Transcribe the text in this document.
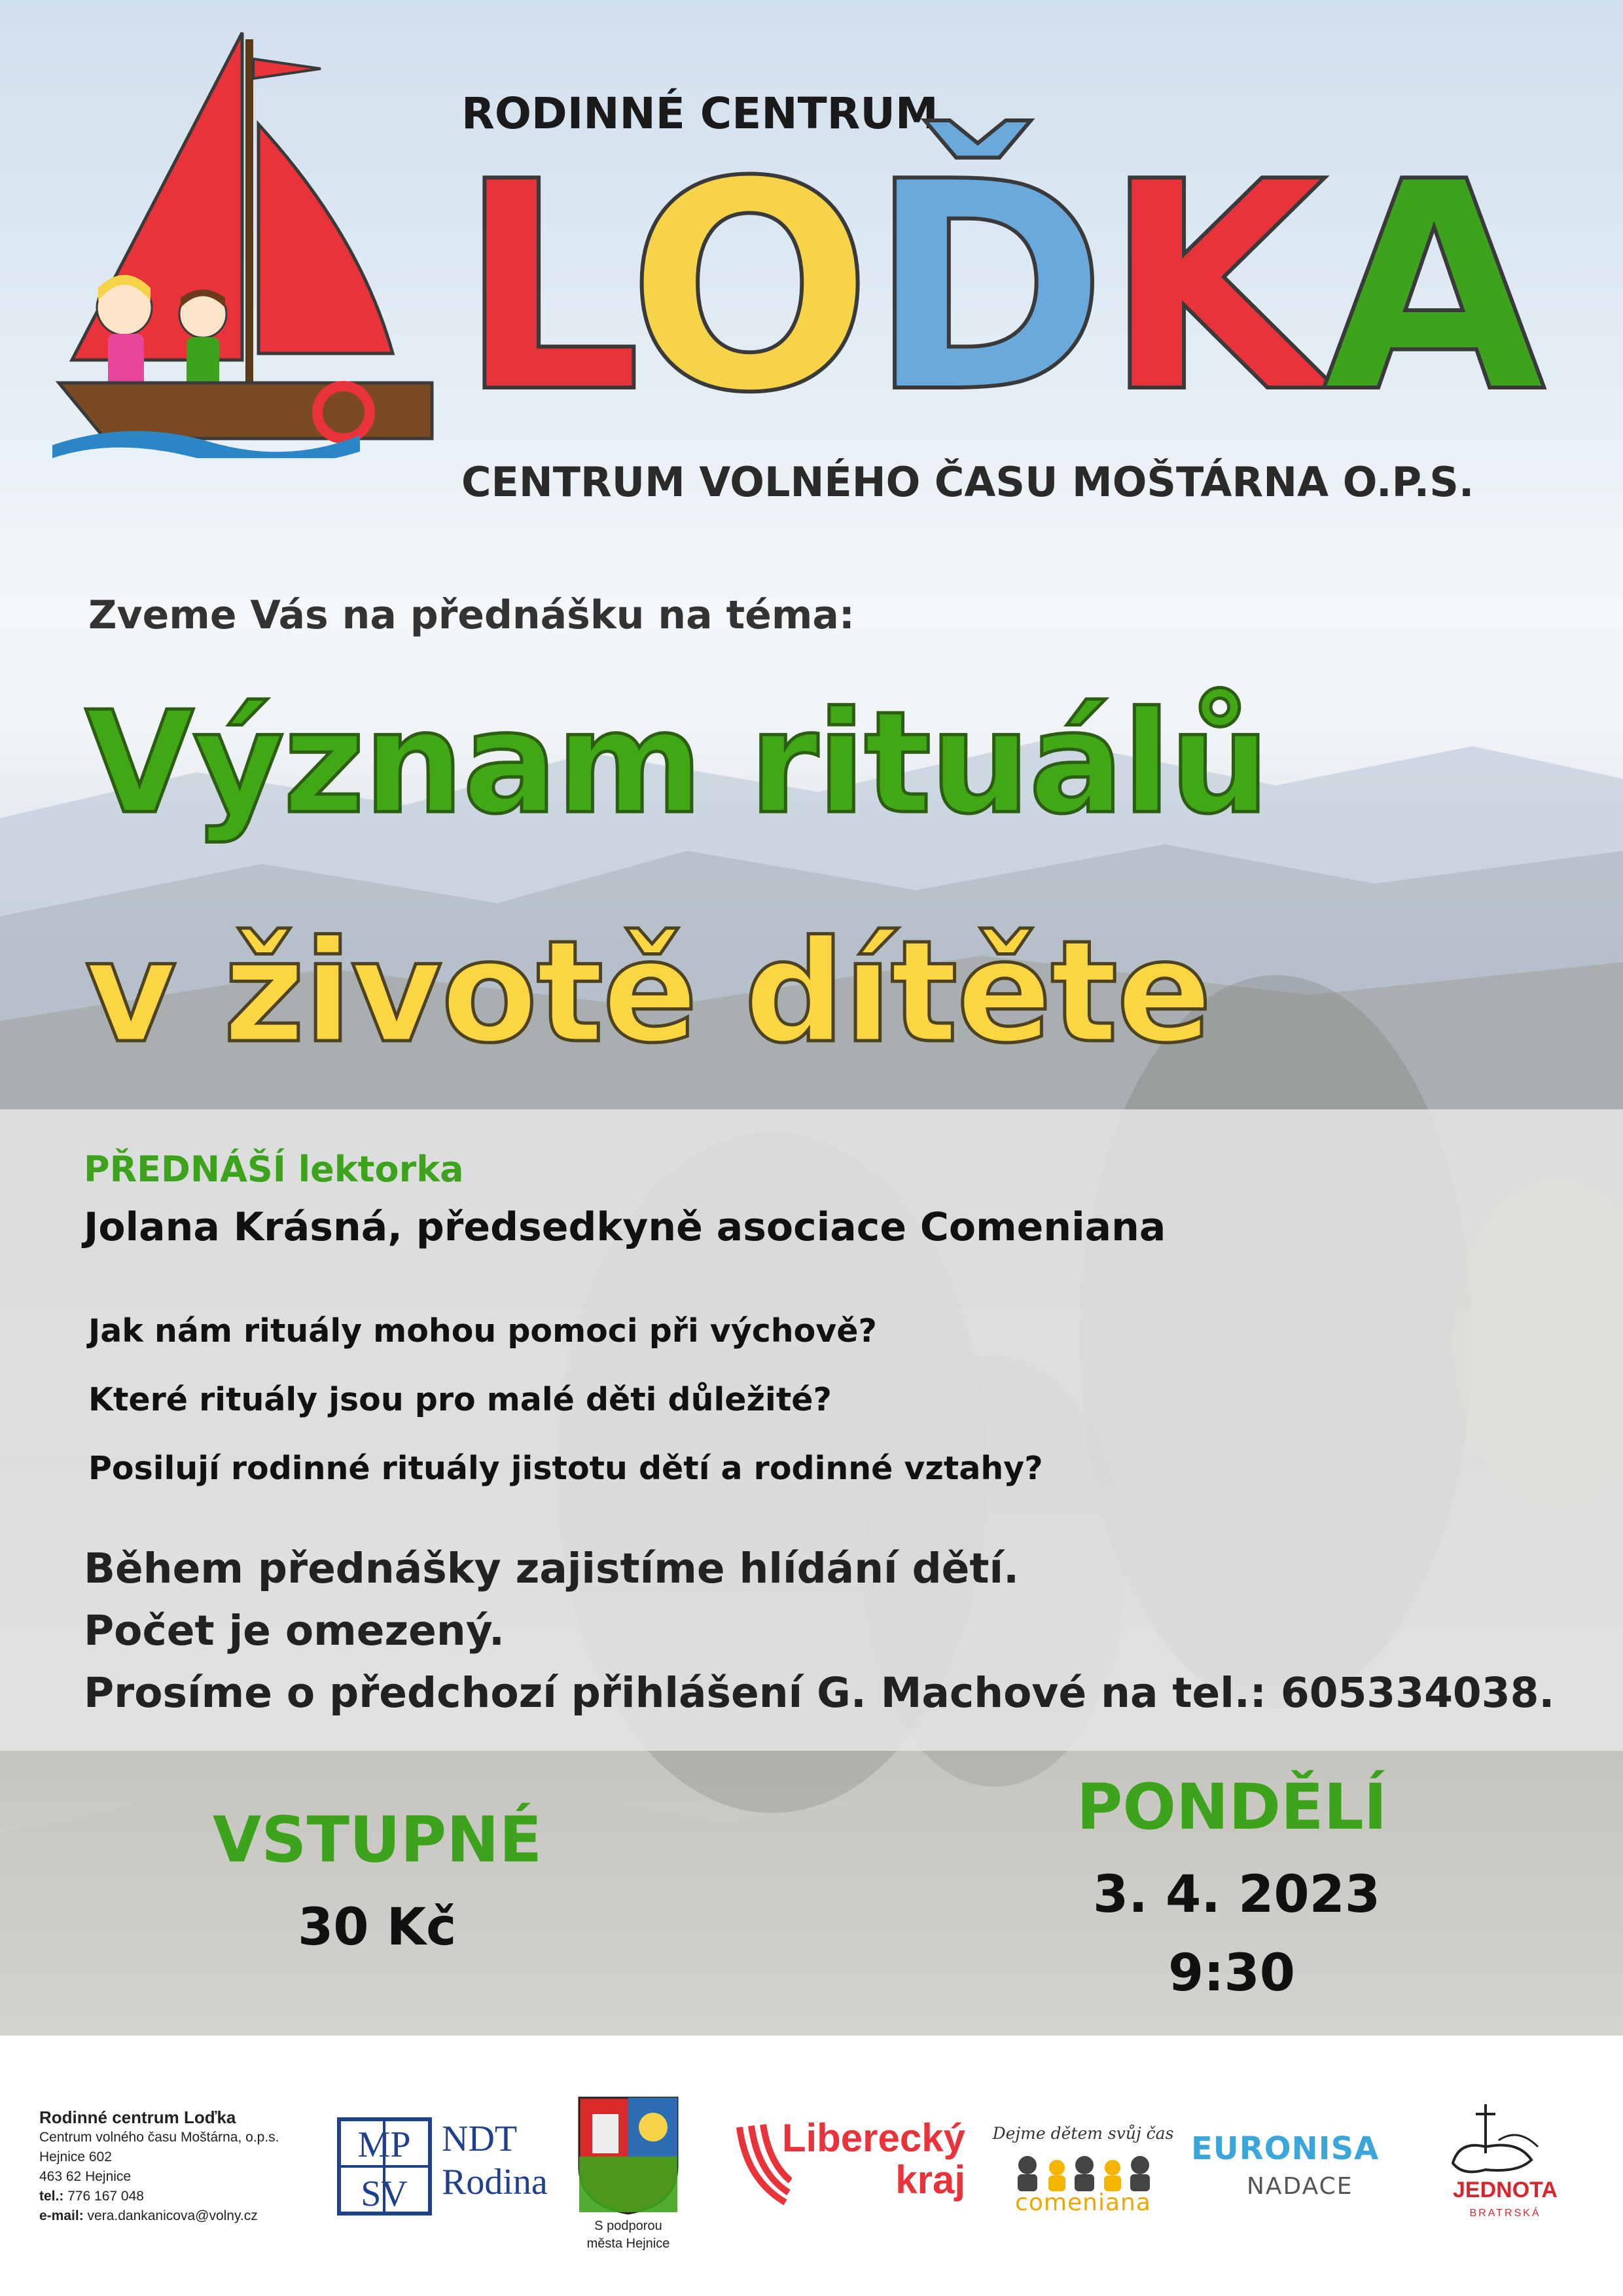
RODINNÉ CENTRUM
LOĎKA
CENTRUM VOLNÉHO ČASU MOŠTÁRNA O.P.S.
Zveme Vás na přednášku na téma:
Význam rituálů
v životě dítěte
PŘEDNÁŠÍ lektorka
Jolana Krásná, předsedkyně asociace Comeniana
Jak nám rituály mohou pomoci při výchově?
Které rituály jsou pro malé děti důležité?
Posilují rodinné rituály jistotu dětí a rodinné vztahy?
Během přednášky zajistíme hlídání dětí.
Počet je omezený.
Prosíme o předchozí přihlášení G. Machové na tel.: 605334038.
VSTUPNÉ
30 Kč
PONDĚLÍ
3. 4. 2023
9:30
Rodinné centrum Loďka
Centrum volného času Moštárna, o.p.s.
Hejnice 602
463 62 Hejnice
tel.: 776 167 048
e-mail: vera.dankanicova@volny.cz
MP
SV
NDT
Rodina
S podporou
města Hejnice
Liberecký
kraj
Dejme dětem svůj čas
comeniana
EURONISA
NADACE	JEDNOTA
BRATRSKÁ
